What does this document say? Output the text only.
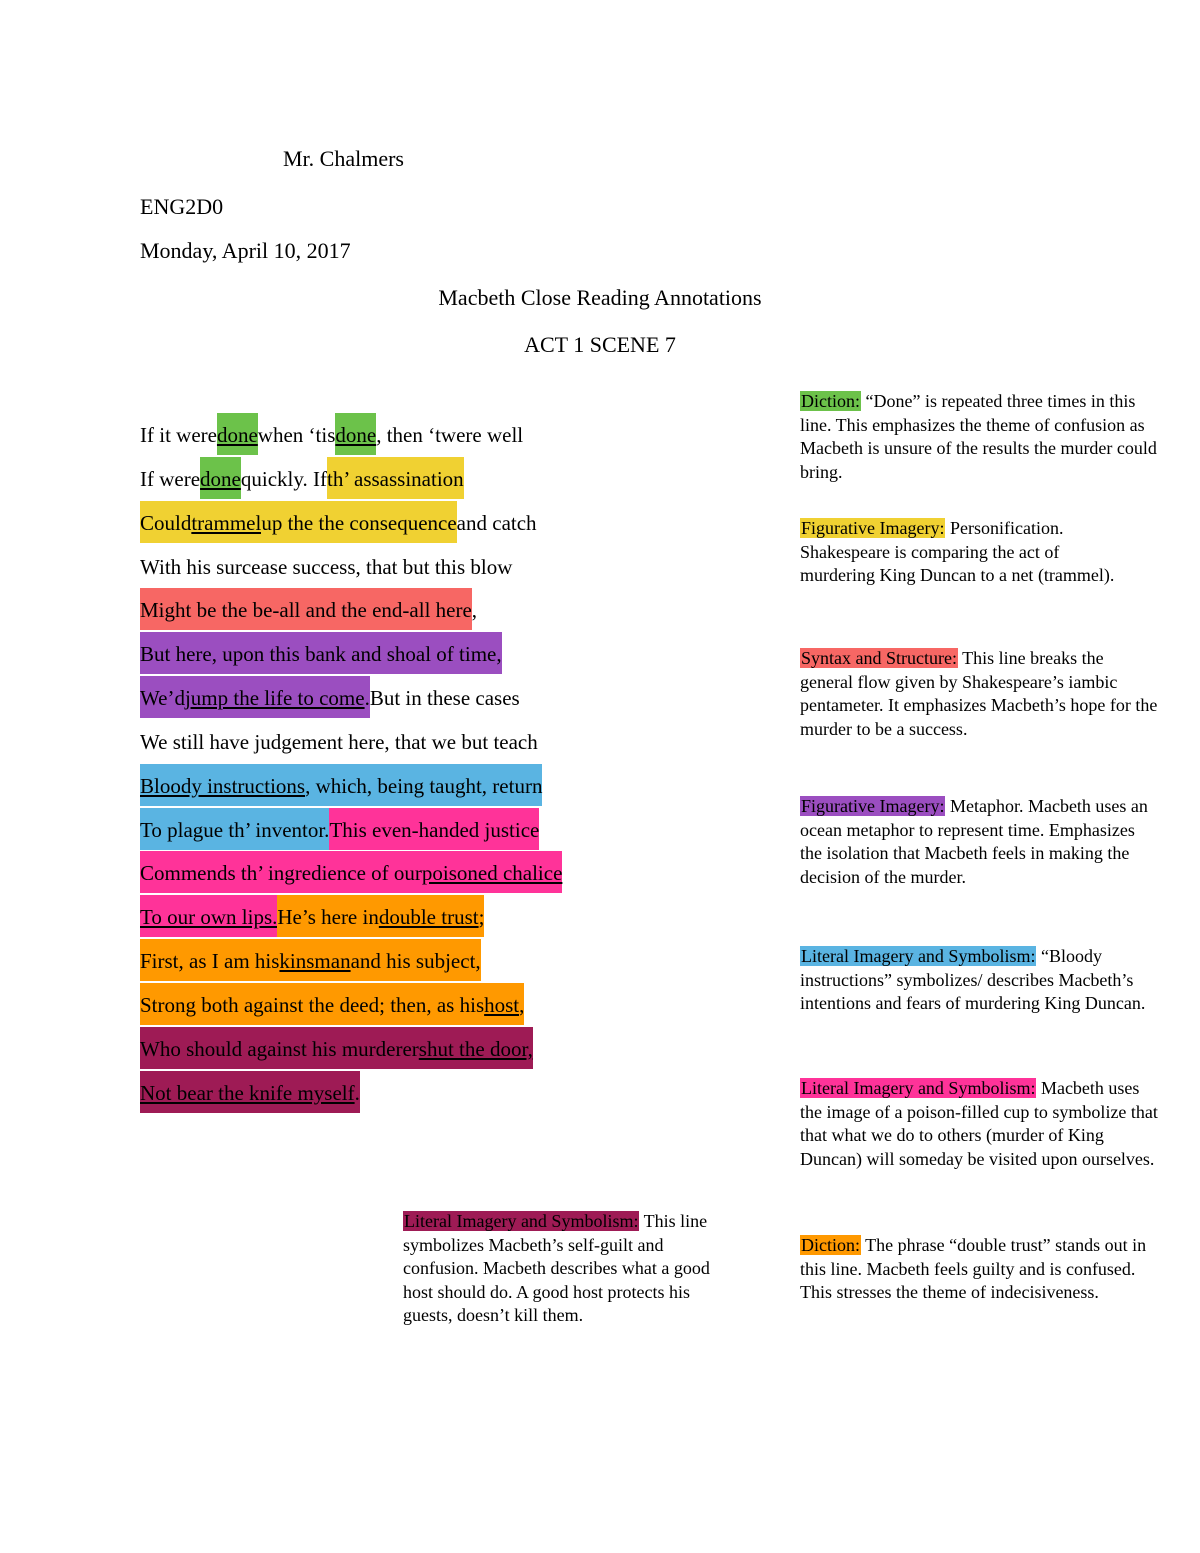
Mr. Chalmers
ENG2D0
Monday, April 10, 2017
Macbeth Close Reading Annotations
ACT 1 SCENE 7
If it weredonewhen ‘tisdone, then ‘twere well
If weredonequickly. Ifth’ assassination
Couldtrammelup the the consequenceand catch
With his surcease success, that but this blow
Might be the be-all and the end-all here,
But here, upon this bank and shoal of time,
We’djump the life to come.But in these cases
We still have judgement here, that we but teach
Bloody instructions, which, being taught, return
To plague th’ inventor.This even-handed justice
Commends th’ ingredience of ourpoisoned chalice
To our own lips.He’s here indouble trust;
First, as I am hiskinsmanand his subject,
Strong both against the deed; then, as hishost,
Who should against his murderershut the door,
Not bear the knife myself.
Diction: “Done” is repeated three times in this line. This emphasizes the theme of confusion as Macbeth is unsure of the results the murder could bring.
Figurative Imagery: Personification. Shakespeare is comparing the act of murdering King Duncan to a net (trammel).
Syntax and Structure: This line breaks the general flow given by Shakespeare’s iambic pentameter. It emphasizes Macbeth’s hope for the murder to be a success.
Figurative Imagery: Metaphor. Macbeth uses an ocean metaphor to represent time. Emphasizes the isolation that Macbeth feels in making the decision of the murder.
Literal Imagery and Symbolism: “Bloody instructions” symbolizes/ describes Macbeth’s intentions and fears of murdering King Duncan.
Literal Imagery and Symbolism: Macbeth uses the image of a poison-filled cup to symbolize that that what we do to others (murder of King Duncan) will someday be visited upon ourselves.
Literal Imagery and Symbolism: This line symbolizes Macbeth’s self-guilt and confusion. Macbeth describes what a good host should do. A good host protects his guests, doesn’t kill them.
Diction: The phrase “double trust” stands out in this line. Macbeth feels guilty and is confused. This stresses the theme of indecisiveness.
